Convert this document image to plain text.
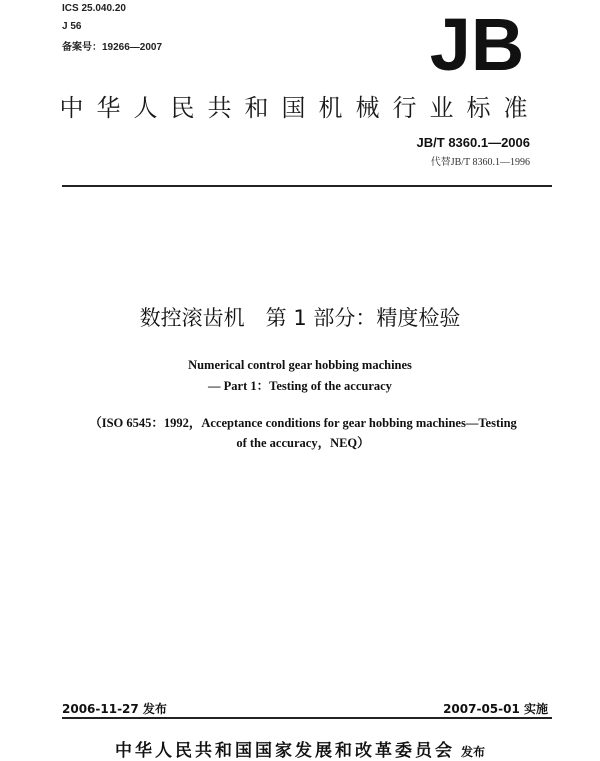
ICS 25.040.20
J 56
备案号：19266—2007	JB
中华人民共和国机械行业标准
JB/T 8360.1—2006
代替JB/T 8360.1—1996
数控滚齿机　第 1 部分：精度检验
Numerical control gear hobbing machines
— Part 1：Testing of the accuracy
（ISO 6545：1992，Acceptance conditions for gear hobbing machines—Testing
of the accuracy，NEQ）
2006-11-27 发布	2007-05-01 实施
中华人民共和国国家发展和改革委员会 发布
